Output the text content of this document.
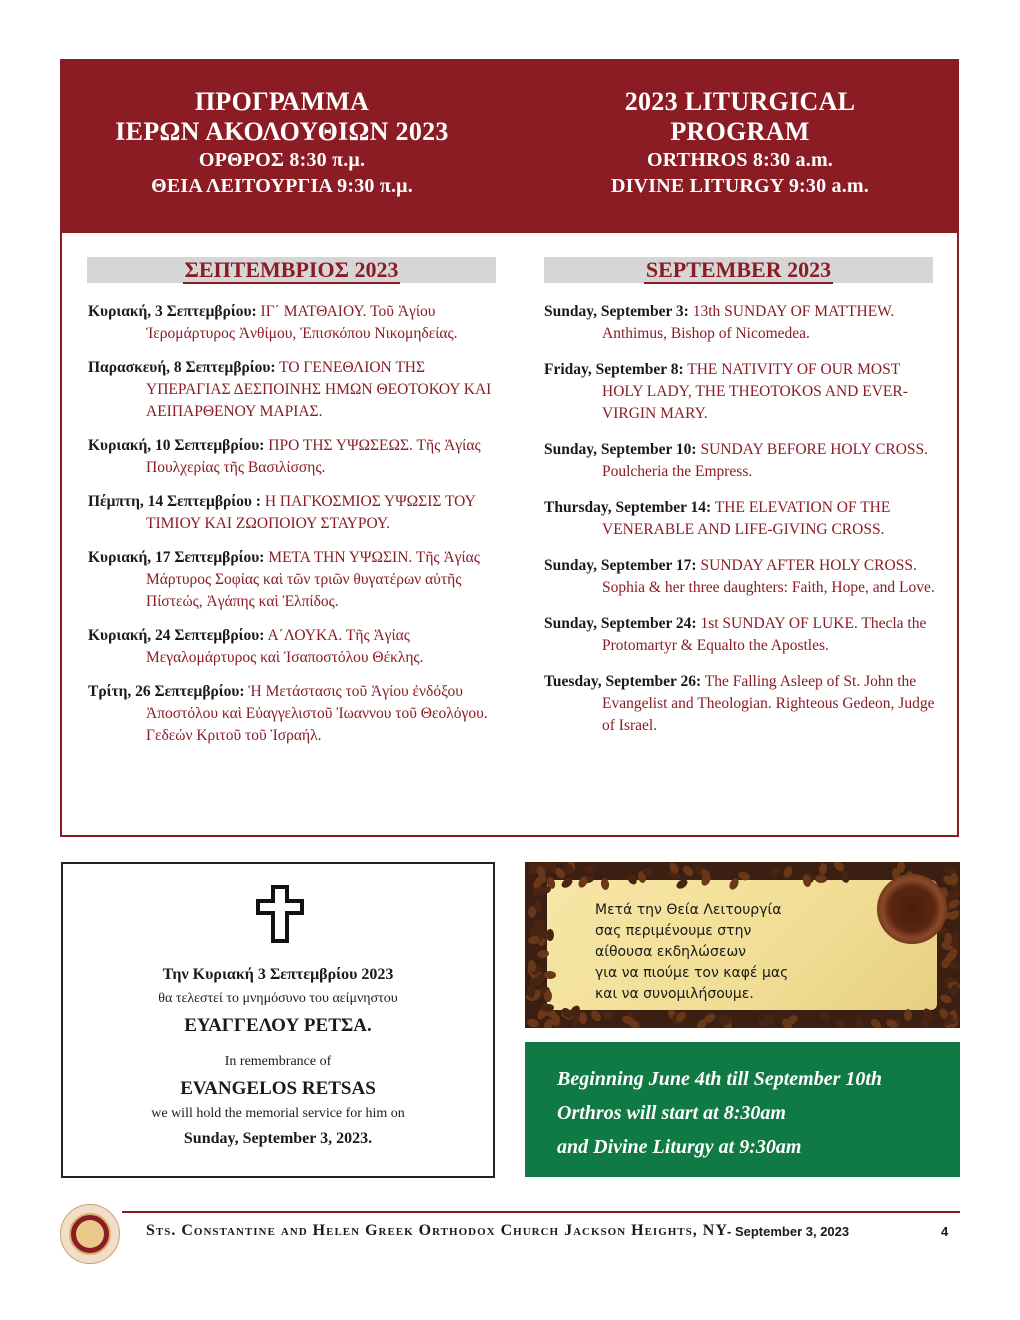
ΠΡΟΓΡΑΜΜΑ
ΙΕΡΩΝ ΑΚΟΛΟΥΘΙΩΝ 2023
ΟΡΘΡΟΣ 8:30 π.μ.
ΘΕΙΑ ΛΕΙΤΟΥΡΓΙΑ 9:30 π.μ.
2023 LITURGICAL
PROGRAM
ORTHROS 8:30 a.m.
DIVINE LITURGY 9:30 a.m.
ΣΕΠΤΕΜΒΡΙΟΣ 2023	SEPTEMBER 2023
Κυριακή, 3 Σεπτεμβρίου: ΙΓ΄ ΜΑΤΘΑΙΟΥ. Τοῦ Ἁγίου Ἱερομάρτυρος Ἀνθίμου, Ἐπισκόπου Νικομηδείας.
Παρασκευή, 8 Σεπτεμβρίου: ΤΟ ΓΕΝΕΘΛΙΟΝ ΤΗΣ ΥΠΕΡΑΓΙΑΣ ΔΕΣΠΟΙΝΗΣ ΗΜΩΝ ΘΕΟΤΟΚΟΥ ΚΑΙ ΑΕΙΠΑΡΘΕΝΟΥ ΜΑΡΙΑΣ.
Κυριακή, 10 Σεπτεμβρίου: ΠΡΟ ΤΗΣ ΥΨΩΣΕΩΣ. Τῆς Ἁγίας Πουλχερίας τῆς Βασιλίσσης.
Πέμπτη, 14 Σεπτεμβρίου : Η ΠΑΓΚΟΣΜΙΟΣ ΥΨΩΣΙΣ ΤΟΥ ΤΙΜΙΟΥ ΚΑΙ ΖΩΟΠΟΙΟΥ ΣΤΑΥΡΟΥ.
Κυριακή, 17 Σεπτεμβρίου: ΜΕΤΑ ΤΗΝ ΥΨΩΣΙΝ. Τῆς Ἁγίας Μάρτυρος Σοφίας καὶ τῶν τριῶν θυγατέρων αὐτῆς Πίστεώς, Ἀγάπης καὶ Ἐλπίδος.
Κυριακή, 24 Σεπτεμβρίου: Α΄ΛΟΥΚΑ. Τῆς Ἁγίας Μεγαλομάρτυρος καὶ Ἰσαποστόλου Θέκλης.
Τρίτη, 26 Σεπτεμβρίου: Ἡ Μετάστασις τοῦ Ἁγίου ἐνδόξου Ἀποστόλου καὶ Εὐαγγελιστοῦ Ἰωαννου τοῦ Θεολόγου. Γεδεών Κριτοῦ τοῦ Ἰσραήλ.
Sunday, September 3: 13th SUNDAY OF MATTHEW. Anthimus, Bishop of Nicomedea.
Friday, September 8: THE NATIVITY OF OUR MOST HOLY LADY, THE THEOTOKOS AND EVER-VIRGIN MARY.
Sunday, September 10: SUNDAY BEFORE HOLY CROSS. Poulcheria the Empress.
Thursday, September 14: THE ELEVATION OF THE VENERABLE AND LIFE-GIVING CROSS.
Sunday, September 17: SUNDAY AFTER HOLY CROSS. Sophia & her three daughters: Faith, Hope, and Love.
Sunday, September 24: 1st SUNDAY OF LUKE. Thecla the Protomartyr & Equalto the Apostles.
Tuesday, September 26: The Falling Asleep of St. John the Evangelist and Theologian. Righteous Gedeon, Judge of Israel.
Την Κυριακή 3 Σεπτεμβρίου 2023
θα τελεστεί το μνημόσυνο του αείμνηστου
ΕΥΑΓΓΕΛΟΥ ΡΕΤΣΑ.
In remembrance of
EVANGELOS RETSAS
we will hold the memorial service for him on
Sunday, September 3, 2023.
Μετά την Θεία Λειτουργία
σας περιμένουμε στην
αίθουσα εκδηλώσεων
για να πιούμε τον καφέ μας
και να συνομιλήσουμε.
Beginning June 4th till September 10th
Orthros will start at 8:30am
and Divine Liturgy at 9:30am
Sts. Constantine and Helen Greek Orthodox Church Jackson Heights, NY - September 3, 2023	4
